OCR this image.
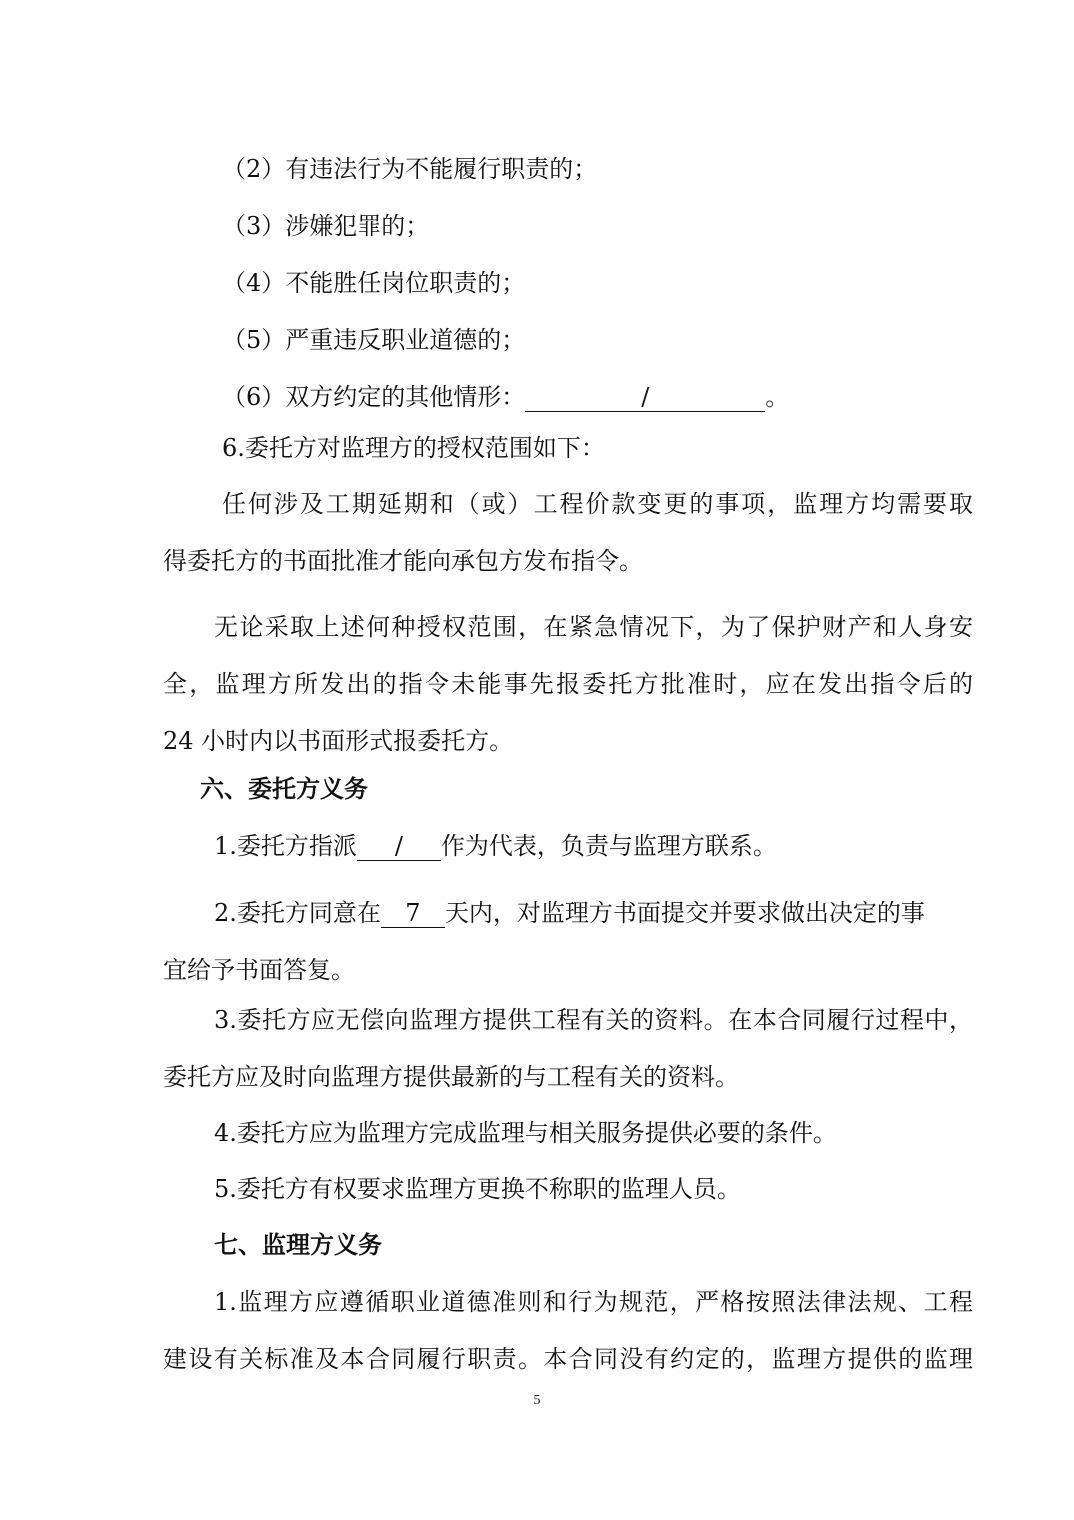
（2）有违法行为不能履行职责的；
（3）涉嫌犯罪的；
（4）不能胜任岗位职责的；
（5）严重违反职业道德的；
（6）双方约定的其他情形：	/	。
6.委托方对监理方的授权范围如下：
任何涉及工期延期和（或）工程价款变更的事项，监理方均需要取
得委托方的书面批准才能向承包方发布指令。
无论采取上述何种授权范围，在紧急情况下，为了保护财产和人身安
全，监理方所发出的指令未能事先报委托方批准时，应在发出指令后的
24 小时内以书面形式报委托方。
六、委托方义务
1.委托方指派 / 作为代表，负责与监理方联系。
2.委托方同意在 7 天内，对监理方书面提交并要求做出决定的事
宜给予书面答复。
3.委托方应无偿向监理方提供工程有关的资料。在本合同履行过程中，
委托方应及时向监理方提供最新的与工程有关的资料。
4.委托方应为监理方完成监理与相关服务提供必要的条件。
5.委托方有权要求监理方更换不称职的监理人员。
七、监理方义务
1.监理方应遵循职业道德准则和行为规范，严格按照法律法规、工程
建设有关标准及本合同履行职责。本合同没有约定的，监理方提供的监理
5
